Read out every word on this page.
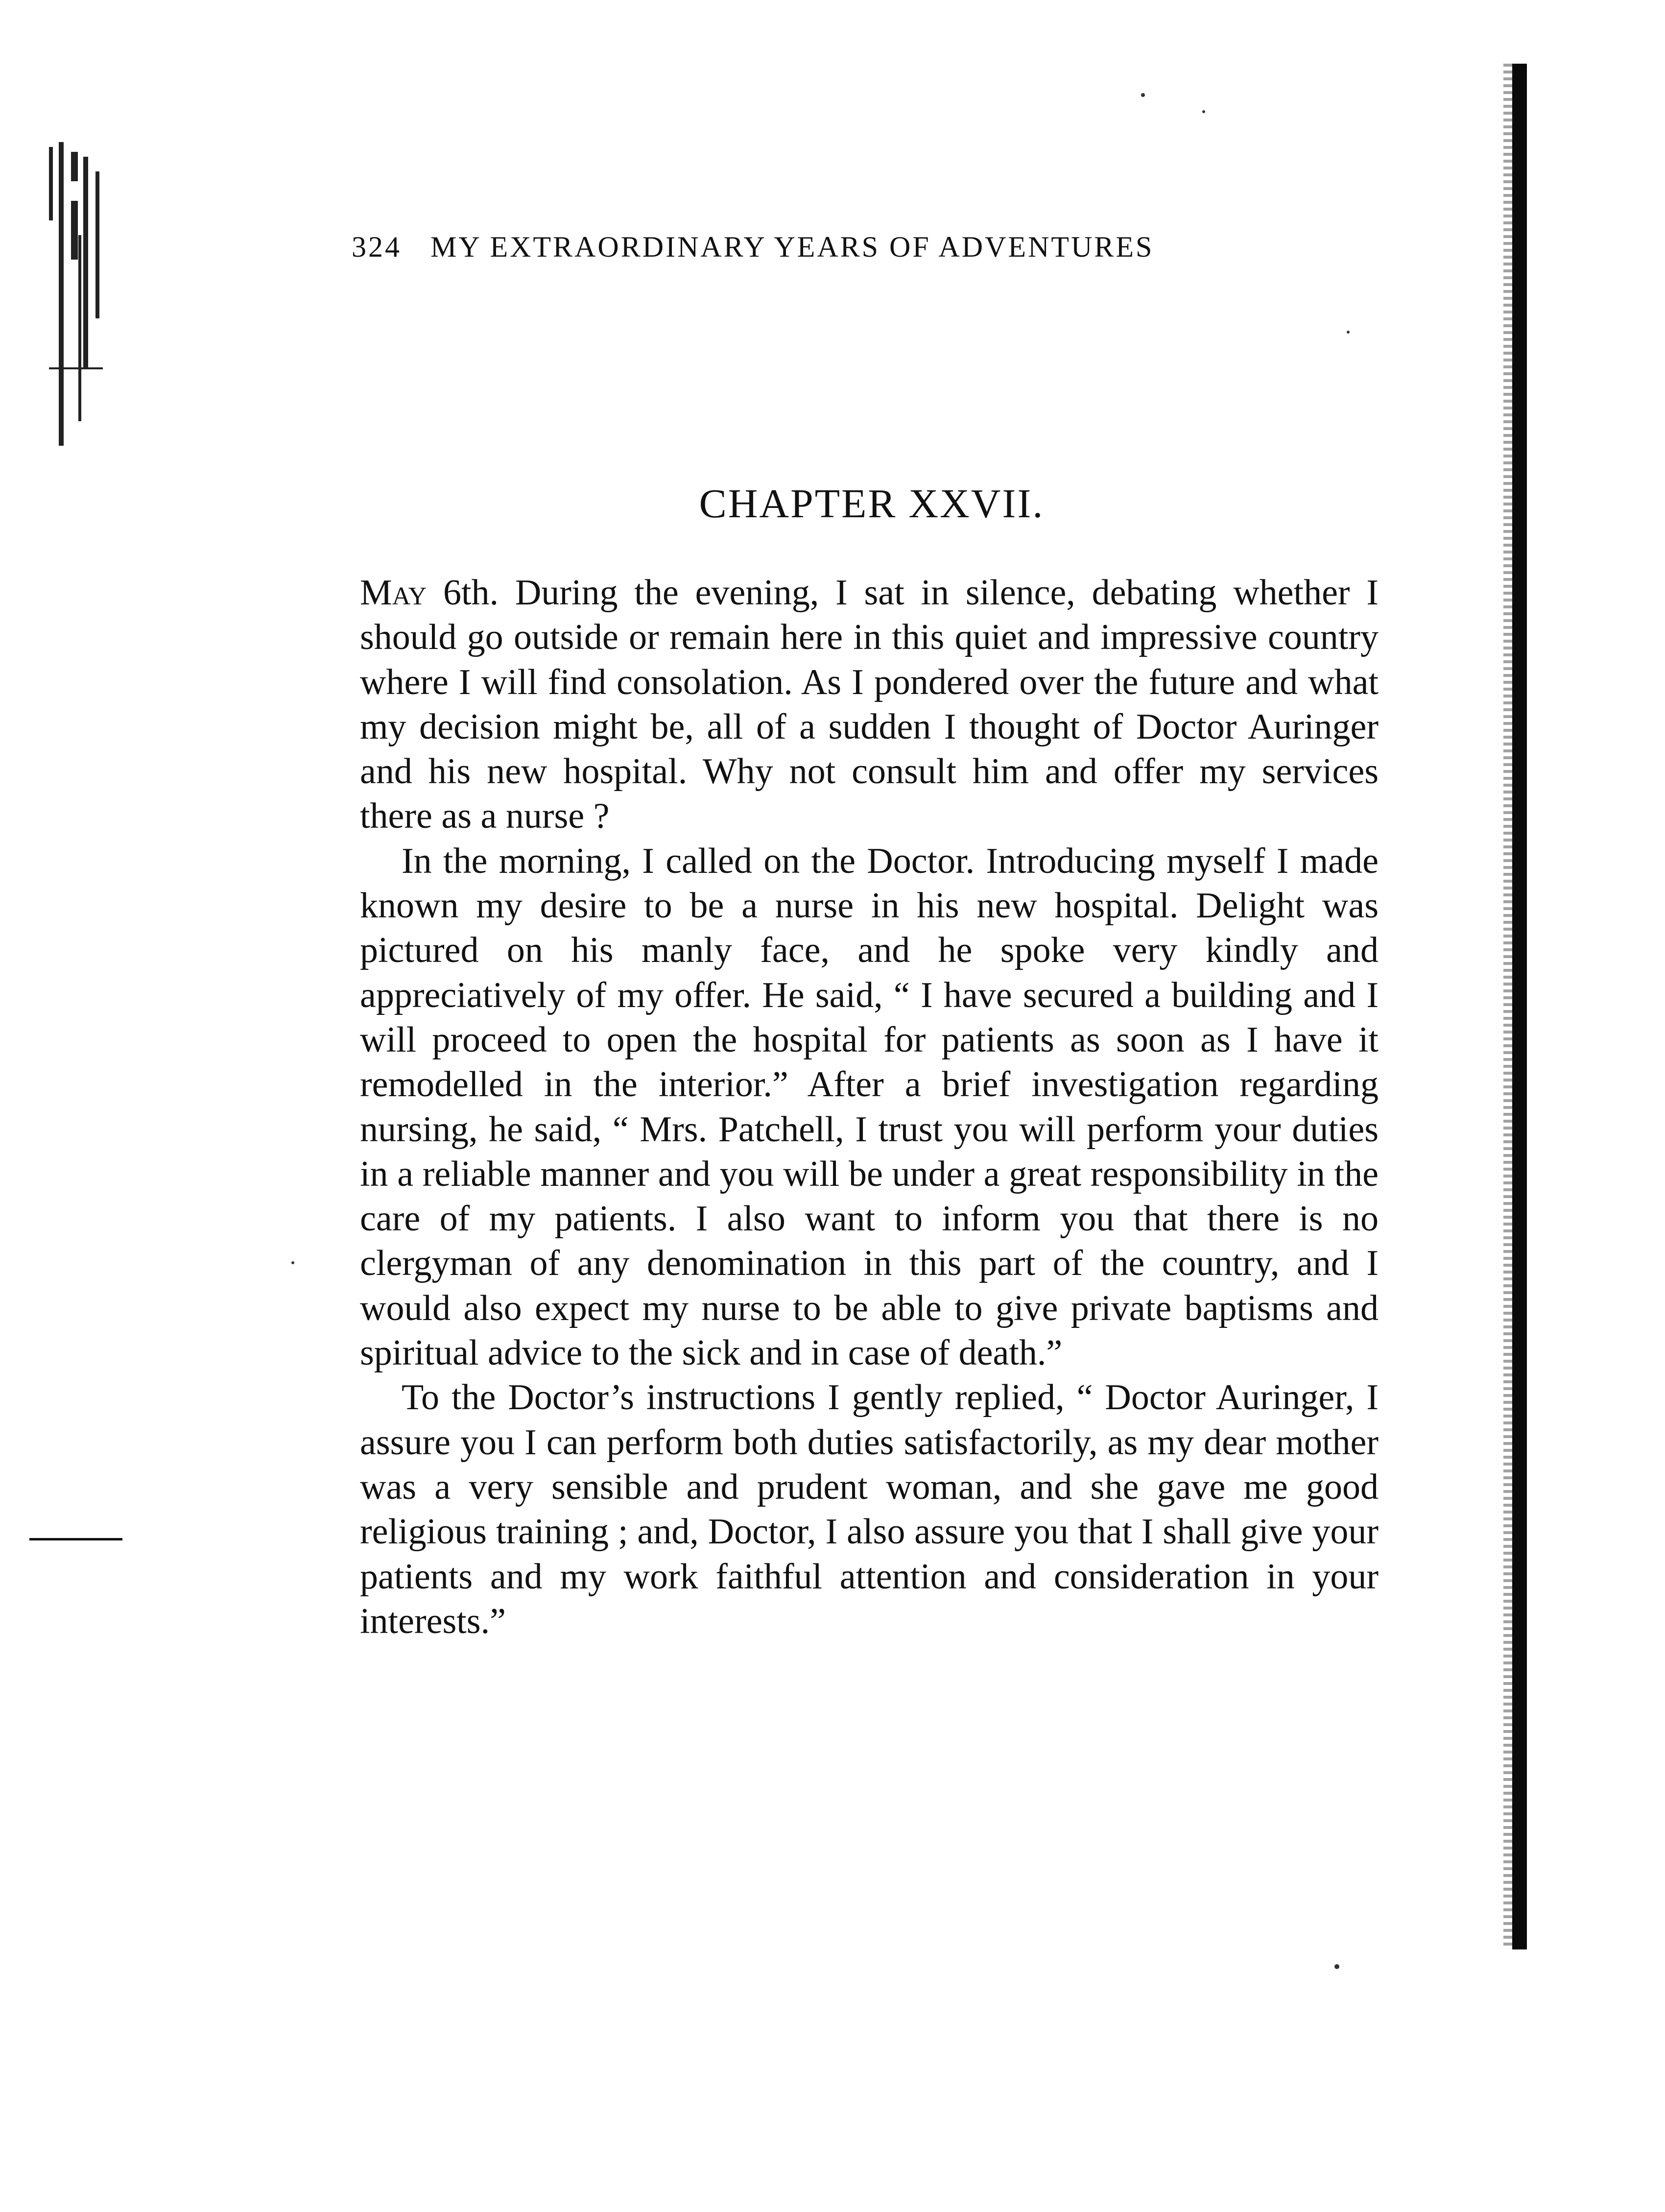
324 MY EXTRAORDINARY YEARS OF ADVENTURES
CHAPTER XXVII.

May 6th. During the evening, I sat in silence, debating whether I should go outside or remain here in this quiet and impressive country where I will find consolation. As I pondered over the future and what my decision might be, all of a sudden I thought of Doctor Auringer and his new hospital. Why not consult him and offer my services there as a nurse ?

In the morning, I called on the Doctor. Introducing myself I made known my desire to be a nurse in his new hospital. Delight was pictured on his manly face, and he spoke very kindly and appreciatively of my offer. He said, “ I have secured a building and I will proceed to open the hospital for patients as soon as I have it remodelled in the interior.” After a brief investigation regarding nursing, he said, “ Mrs. Patchell, I trust you will perform your duties in a reliable manner and you will be under a great responsibility in the care of my patients. I also want to inform you that there is no clergyman of any denomination in this part of the country, and I would also expect my nurse to be able to give private baptisms and spiritual advice to the sick and in case of death.”

To the Doctor’s instructions I gently replied, “ Doctor Auringer, I assure you I can perform both duties satisfactorily, as my dear mother was a very sensible and prudent woman, and she gave me good religious training ; and, Doctor, I also assure you that I shall give your patients and my work faithful attention and consideration in your interests.”
